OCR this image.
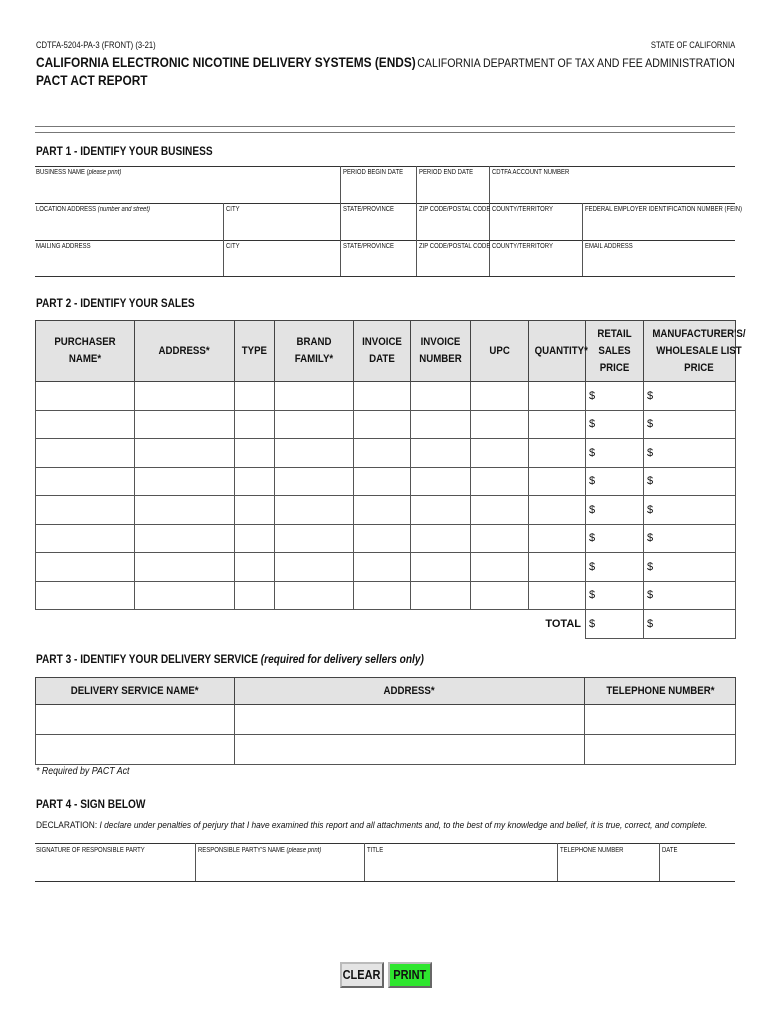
CDTFA-5204-PA-3 (FRONT) (3-21)	STATE OF CALIFORNIA
CALIFORNIA ELECTRONIC NICOTINE DELIVERY SYSTEMS (ENDS)
PACT ACT REPORT
CALIFORNIA DEPARTMENT OF TAX AND FEE ADMINISTRATION
PART 1 - IDENTIFY YOUR BUSINESS
BUSINESS NAME (please print)	PERIOD BEGIN DATE PERIOD END DATE	CDTFA ACCOUNT NUMBER
LOCATION ADDRESS (number and street)	CITY	STATE/PROVINCE	ZIP CODE/POSTAL CODE COUNTY/TERRITORY	FEDERAL EMPLOYER IDENTIFICATION NUMBER (FEIN)
MAILING ADDRESS	CITY	STATE/PROVINCE	ZIP CODE/POSTAL CODE COUNTY/TERRITORY	EMAIL ADDRESS
PART 2 - IDENTIFY YOUR SALES
PURCHASER NAME*	ADDRESS*	TYPE	BRAND FAMILY*	INVOICE DATE	INVOICE NUMBER	UPC	QUANTITY*	RETAIL SALES PRICE	MANUFACTURER'S/ WHOLESALE LIST PRICE
								$	$
								$	$
								$	$
								$	$
								$	$
								$	$
								$	$
								$	$
TOTAL								$	$
PART 3 - IDENTIFY YOUR DELIVERY SERVICE (required for delivery sellers only)
DELIVERY SERVICE NAME*	ADDRESS*	TELEPHONE NUMBER*

* Required by PACT Act
PART 4 - SIGN BELOW
DECLARATION: I declare under penalties of perjury that I have examined this report and all attachments and, to the best of my knowledge and belief, it is true, correct, and complete.
SIGNATURE OF RESPONSIBLE PARTY	RESPONSIBLE PARTY'S NAME (please print)	TITLE	TELEPHONE NUMBER	DATE
CLEAR PRINT
